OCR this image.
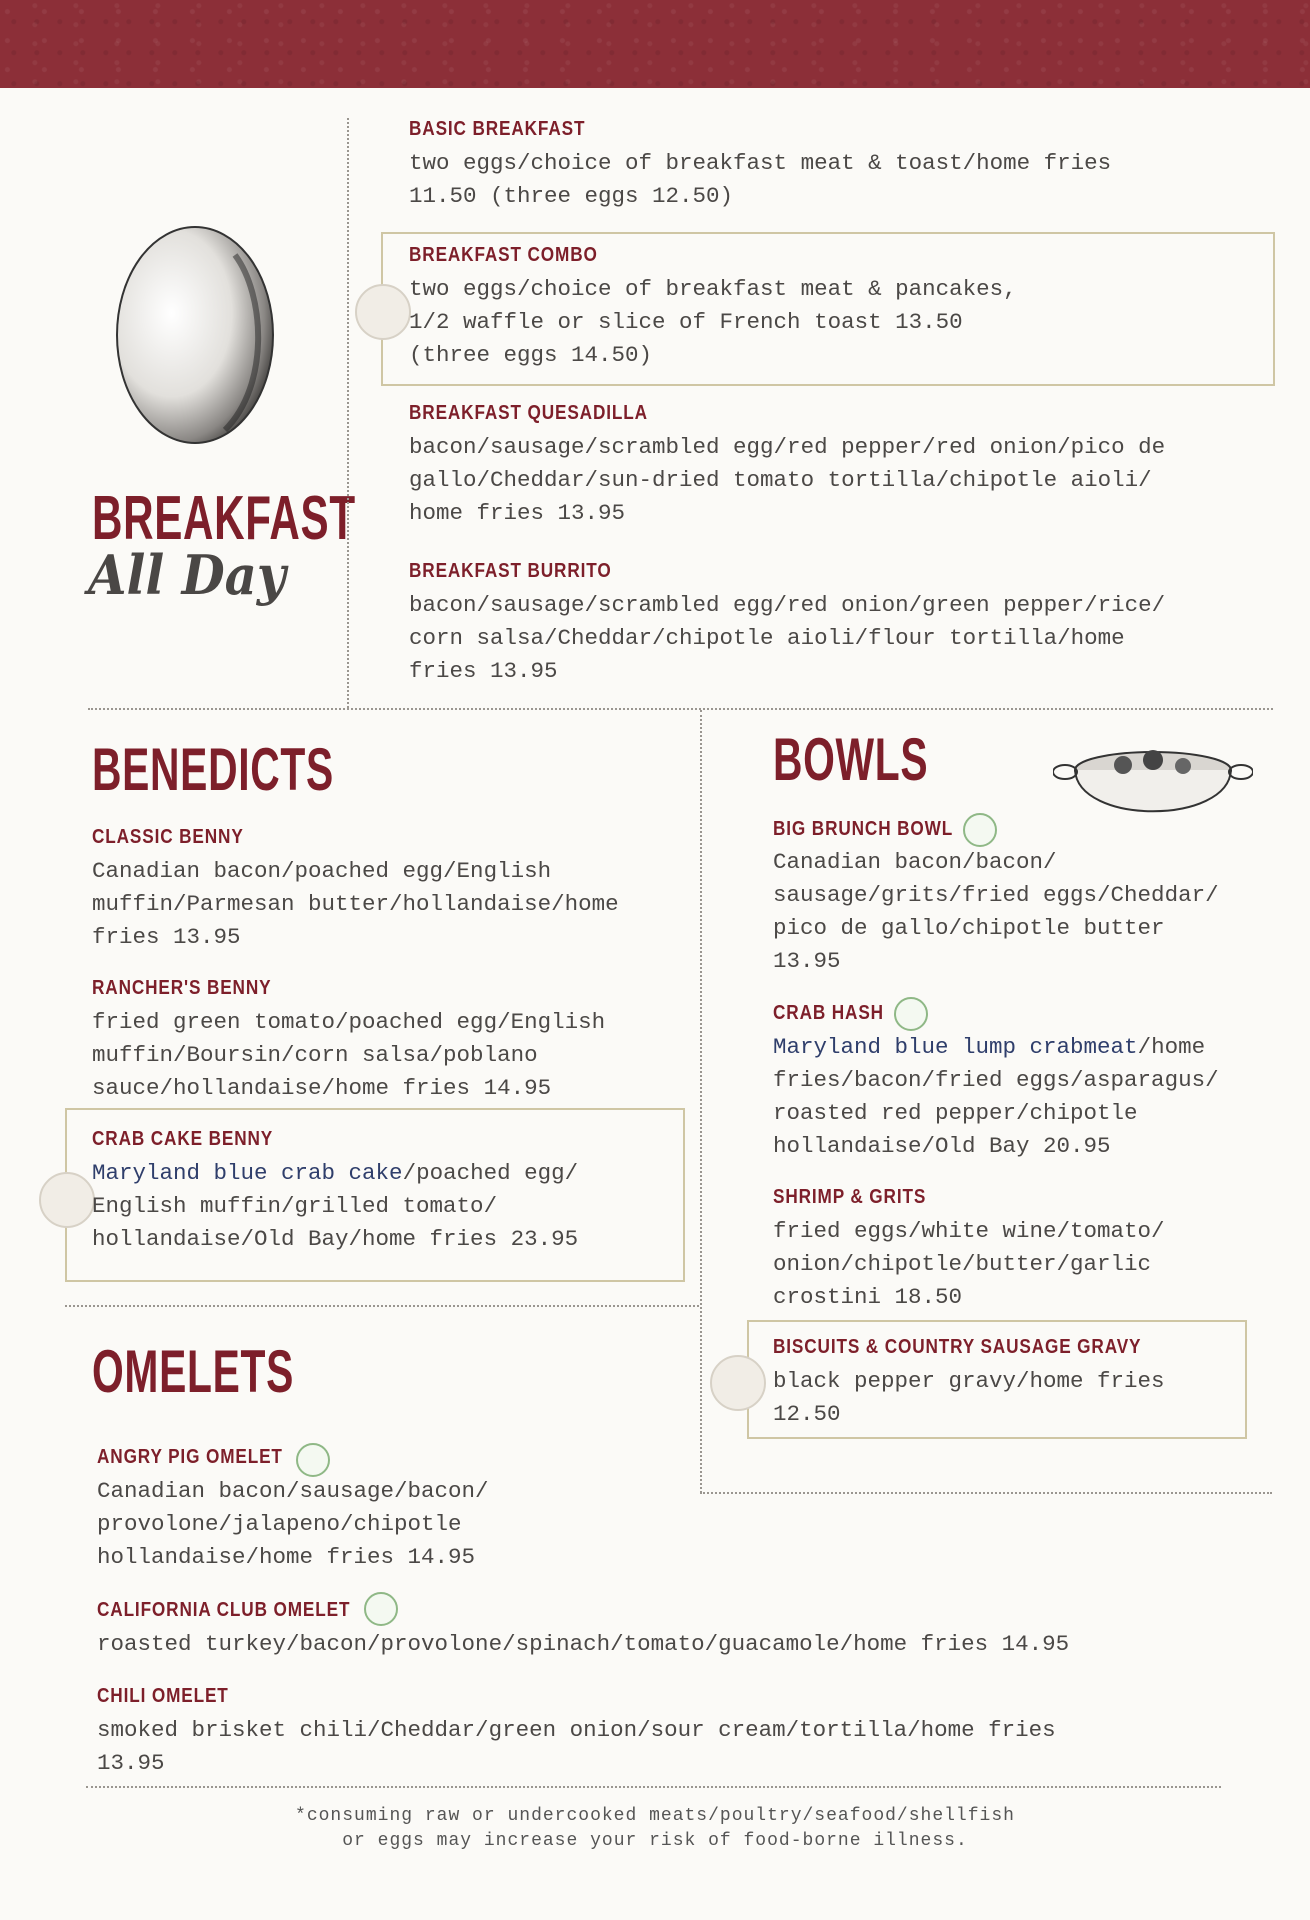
BREAKFAST
All Day
BASIC BREAKFAST
two eggs/choice of breakfast meat & toast/home fries
11.50 (three eggs 12.50)
BREAKFAST COMBO
two eggs/choice of breakfast meat & pancakes,
1/2 waffle or slice of French toast 13.50
(three eggs 14.50)
BREAKFAST QUESADILLA
bacon/sausage/scrambled egg/red pepper/red onion/pico de
gallo/Cheddar/sun-dried tomato tortilla/chipotle aioli/
home fries 13.95
BREAKFAST BURRITO
bacon/sausage/scrambled egg/red onion/green pepper/rice/
corn salsa/Cheddar/chipotle aioli/flour tortilla/home
fries 13.95
BENEDICTS
CLASSIC BENNY
Canadian bacon/poached egg/English
muffin/Parmesan butter/hollandaise/home
fries 13.95
RANCHER'S BENNY
fried green tomato/poached egg/English
muffin/Boursin/corn salsa/poblano
sauce/hollandaise/home fries 14.95
CRAB CAKE BENNY
Maryland blue crab cake/poached egg/
English muffin/grilled tomato/
hollandaise/Old Bay/home fries 23.95
OMELETS
ANGRY PIG OMELET
Canadian bacon/sausage/bacon/
provolone/jalapeno/chipotle
hollandaise/home fries 14.95
CALIFORNIA CLUB OMELET
roasted turkey/bacon/provolone/spinach/tomato/guacamole/home fries 14.95
CHILI OMELET
smoked brisket chili/Cheddar/green onion/sour cream/tortilla/home fries
13.95
BOWLS
BIG BRUNCH BOWL
Canadian bacon/bacon/
sausage/grits/fried eggs/Cheddar/
pico de gallo/chipotle butter
13.95
CRAB HASH
Maryland blue lump crabmeat/home
fries/bacon/fried eggs/asparagus/
roasted red pepper/chipotle
hollandaise/Old Bay 20.95
SHRIMP & GRITS
fried eggs/white wine/tomato/
onion/chipotle/butter/garlic
crostini 18.50
BISCUITS & COUNTRY SAUSAGE GRAVY
black pepper gravy/home fries
12.50
*consuming raw or undercooked meats/poultry/seafood/shellfish
or eggs may increase your risk of food-borne illness.
